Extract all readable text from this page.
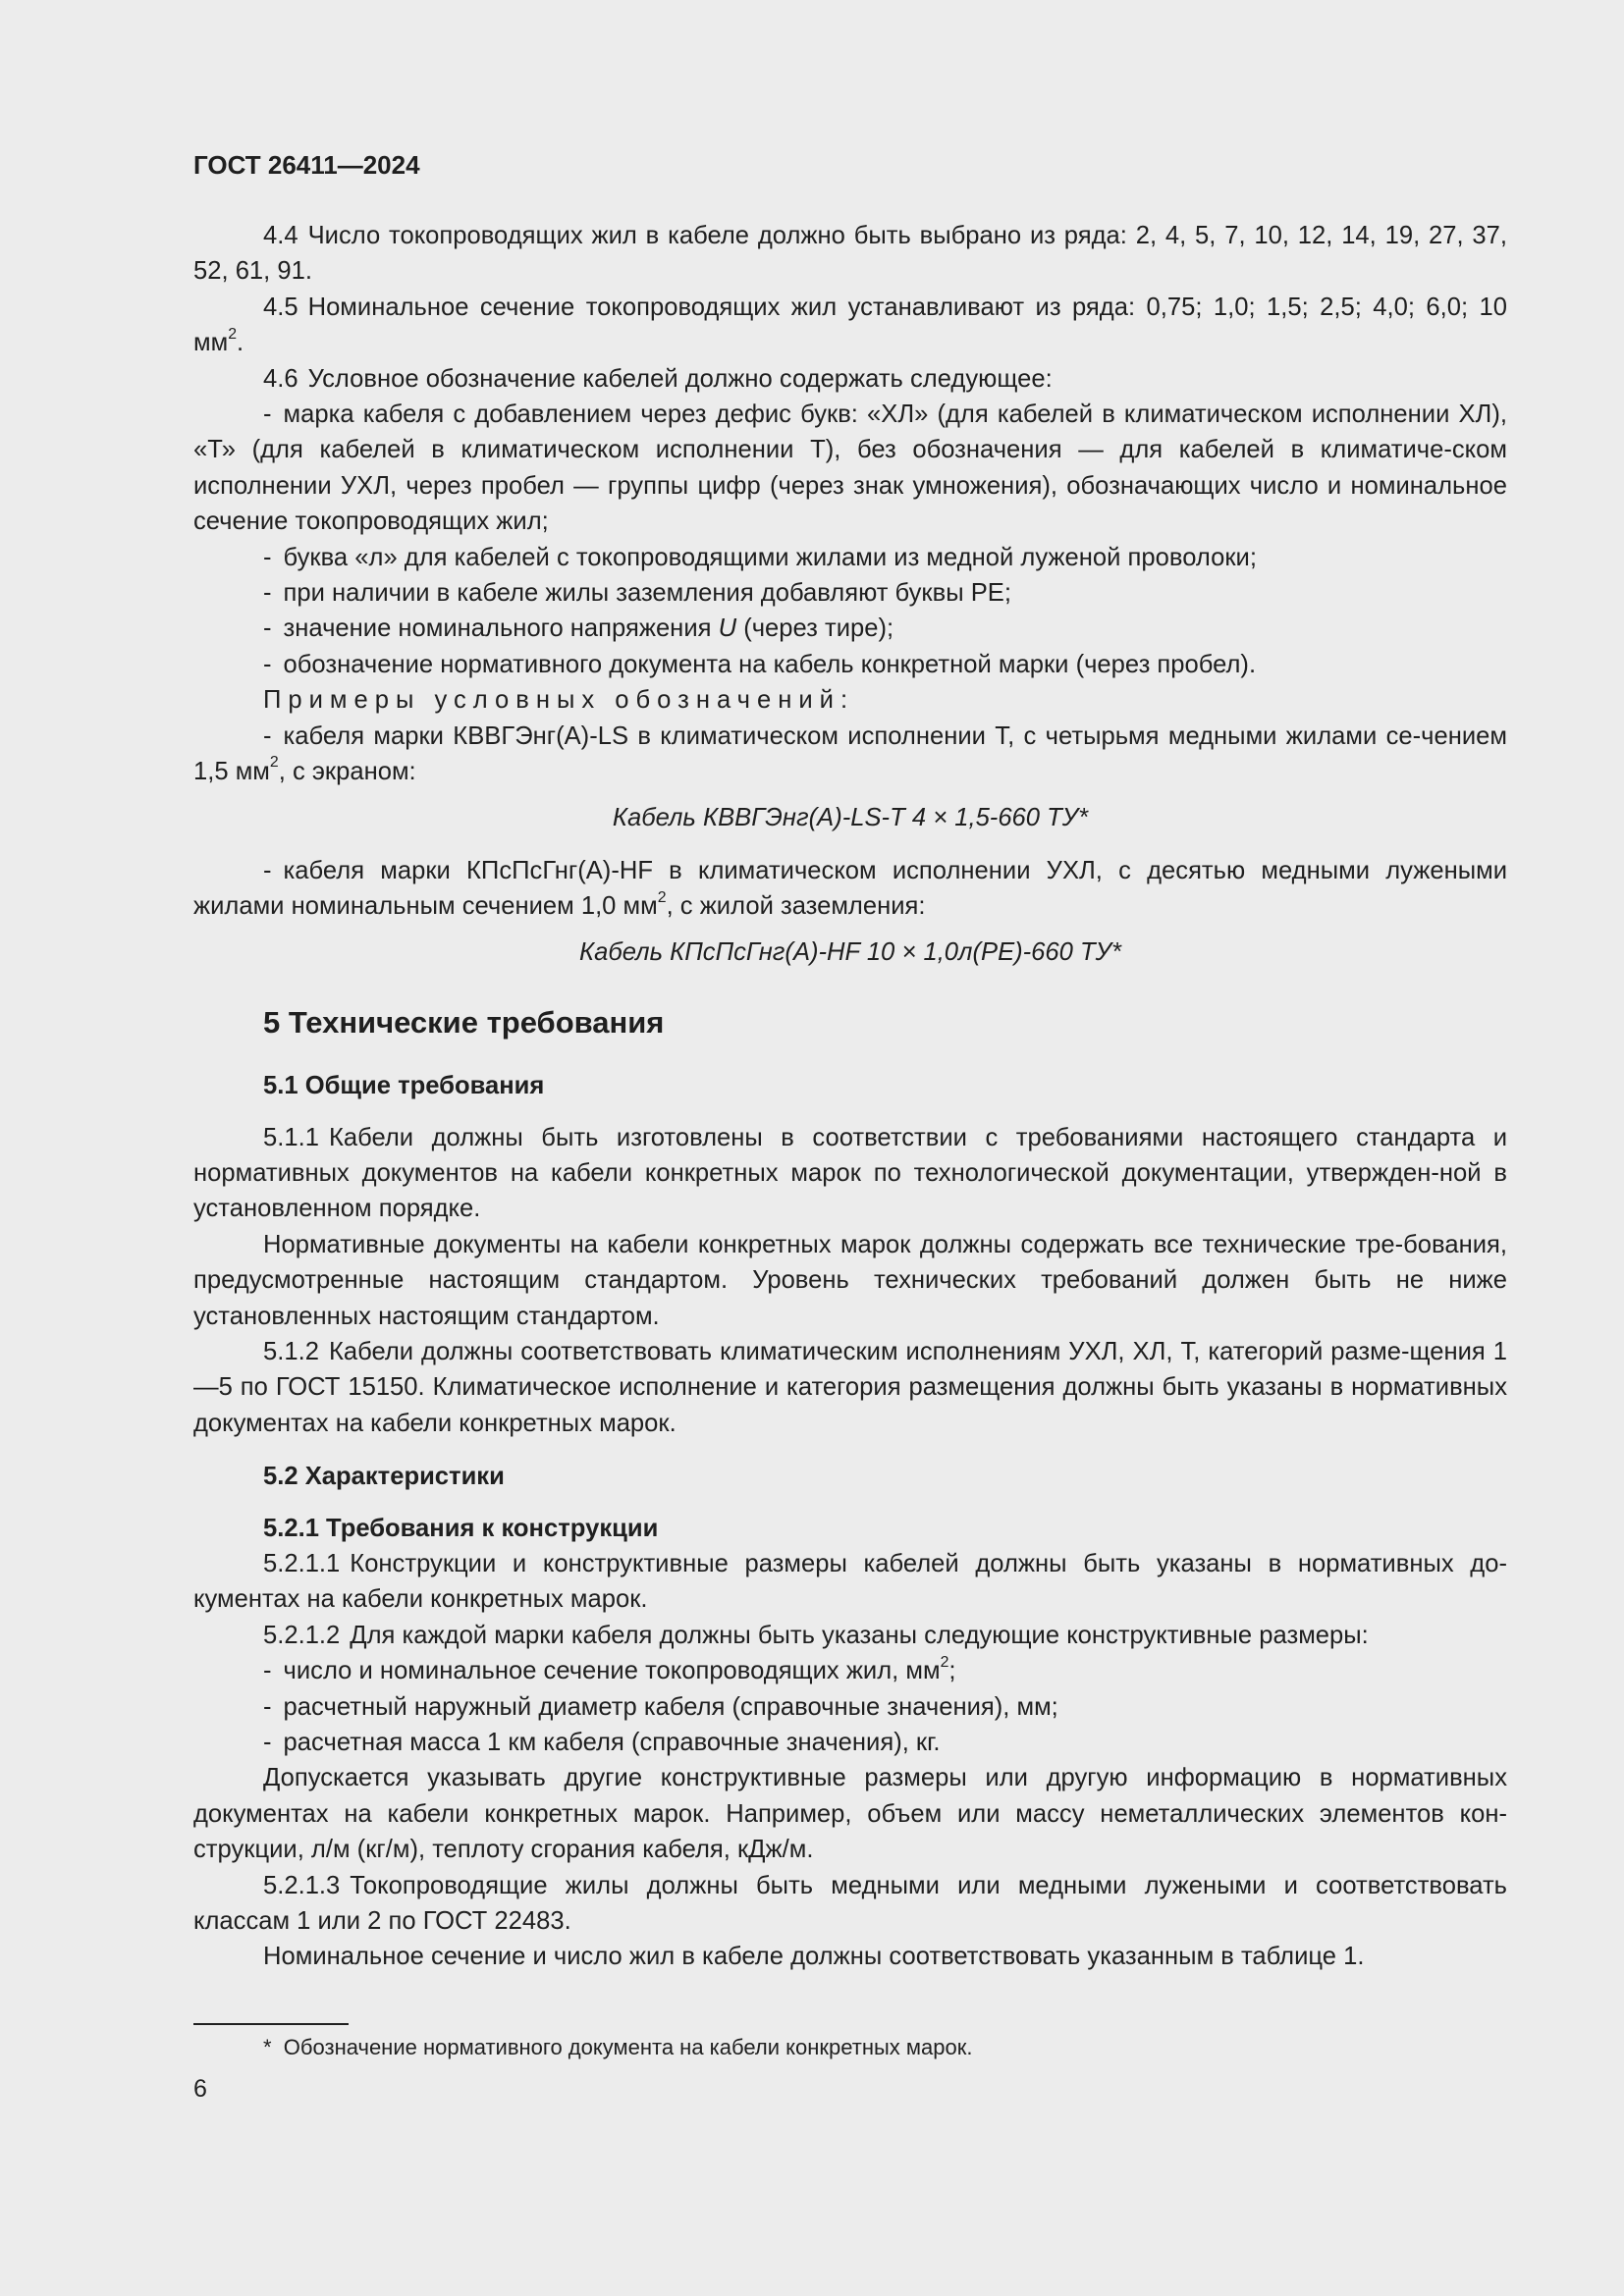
ГОСТ 26411—2024

4.4 Число токопроводящих жил в кабеле должно быть выбрано из ряда: 2, 4, 5, 7, 10, 12, 14, 19, 27, 37, 52, 61, 91.

4.5 Номинальное сечение токопроводящих жил устанавливают из ряда: 0,75; 1,0; 1,5; 2,5; 4,0; 6,0; 10 $мм^2$.

4.6 Условное обозначение кабелей должно содержать следующее:

- марка кабеля с добавлением через дефис букв: «ХЛ» (для кабелей в климатическом исполнении ХЛ), «Т» (для кабелей в климатическом исполнении Т), без обозначения — для кабелей в климатиче-ском исполнении УХЛ, через пробел — группы цифр (через знак умножения), обозначающих число и номинальное сечение токопроводящих жил;

- буква «л» для кабелей с токопроводящими жилами из медной луженой проволоки;

- при наличии в кабеле жилы заземления добавляют буквы РЕ;

- значение номинального напряжения U (через тире);

- обозначение нормативного документа на кабель конкретной марки (через пробел).

Примеры условных обозначений:

- кабеля марки КВВГЭнг(А)-LS в климатическом исполнении Т, с четырьмя медными жилами се-чением 1,5 $мм^2$, с экраном:

Кабель КВВГЭнг(А)-LS-Т 4 × 1,5-660 ТУ*

- кабеля марки КПсПсГнг(А)-HF в климатическом исполнении УХЛ, с десятью медными лужеными жилами номинальным сечением 1,0 $мм^2$, с жилой заземления:

Кабель КПсПсГнг(А)-HF 10 × 1,0л(РЕ)-660 ТУ*

5 Технические требования
5.1 Общие требования

5.1.1 Кабели должны быть изготовлены в соответствии с требованиями настоящего стандарта и нормативных документов на кабели конкретных марок по технологической документации, утвержден-ной в установленном порядке.

Нормативные документы на кабели конкретных марок должны содержать все технические тре-бования, предусмотренные настоящим стандартом. Уровень технических требований должен быть не ниже установленных настоящим стандартом.

5.1.2 Кабели должны соответствовать климатическим исполнениям УХЛ, ХЛ, Т, категорий разме-щения 1—5 по ГОСТ 15150. Климатическое исполнение и категория размещения должны быть указаны в нормативных документах на кабели конкретных марок.

5.2 Характеристики
5.2.1 Требования к конструкции

5.2.1.1 Конструкции и конструктивные размеры кабелей должны быть указаны в нормативных до-кументах на кабели конкретных марок.

5.2.1.2 Для каждой марки кабеля должны быть указаны следующие конструктивные размеры:

- число и номинальное сечение токопроводящих жил, $мм^2$;

- расчетный наружный диаметр кабеля (справочные значения), мм;

- расчетная масса 1 км кабеля (справочные значения), кг.

Допускается указывать другие конструктивные размеры или другую информацию в нормативных документах на кабели конкретных марок. Например, объем или массу неметаллических элементов кон-струкции, л/м (кг/м), теплоту сгорания кабеля, кДж/м.

5.2.1.3 Токопроводящие жилы должны быть медными или медными лужеными и соответствовать классам 1 или 2 по ГОСТ 22483.

Номинальное сечение и число жил в кабеле должны соответствовать указанным в таблице 1.

* Обозначение нормативного документа на кабели конкретных марок.
6
